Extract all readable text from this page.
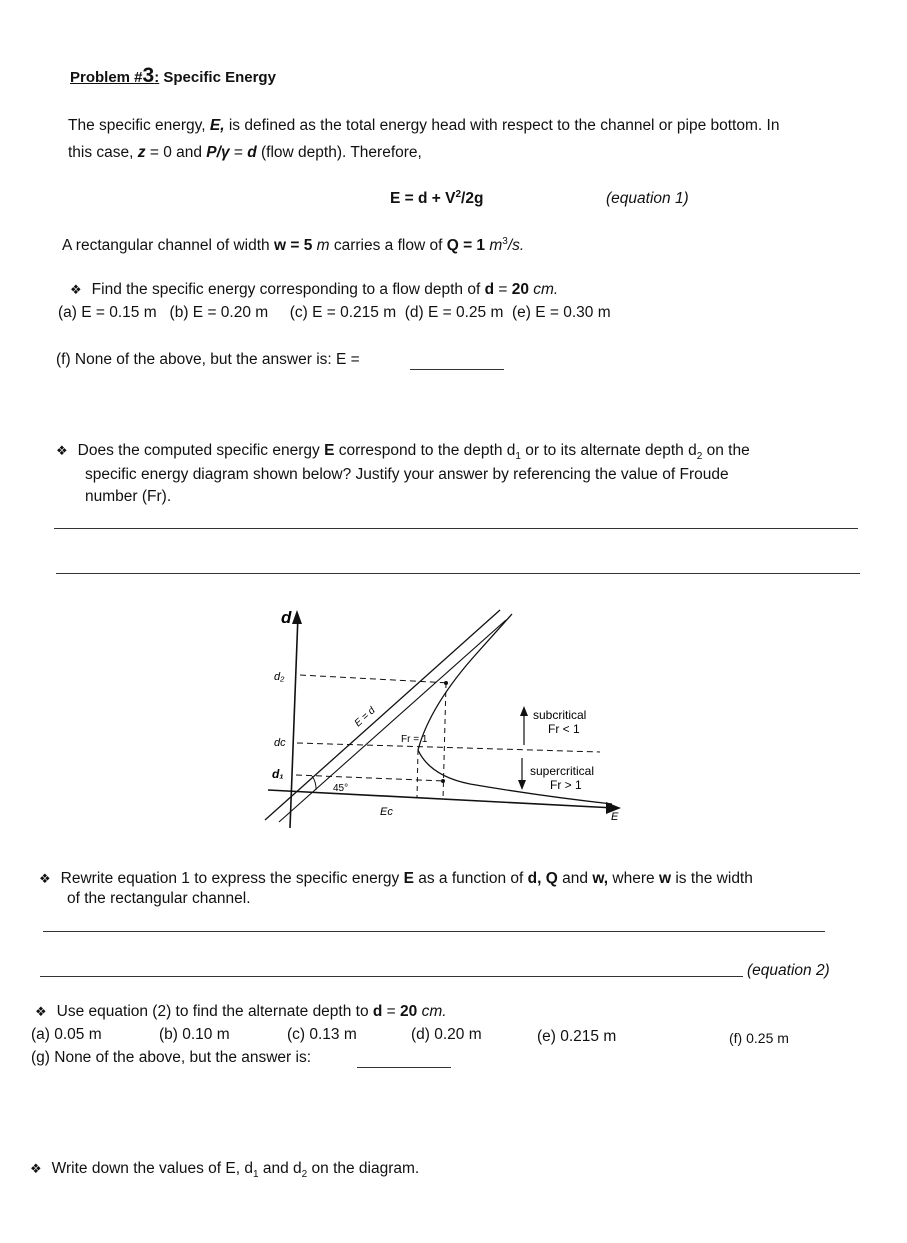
Problem #3: Specific Energy
The specific energy, E, is defined as the total energy head with respect to the channel or pipe bottom. In
this case, z = 0 and P/γ = d (flow depth). Therefore,
$E = d + V^2/2g$	(equation 1)
A rectangular channel of width w = 5 m carries a flow of Q = 1 $m^3/s$.
❖ Find the specific energy corresponding to a flow depth of d = 20 cm.
(a) E = 0.15 m   (b) E = 0.20 m     (c) E = 0.215 m  (d) E = 0.25 m  (e) E = 0.30 m
(f) None of the above, but the answer is: E =
❖ Does the computed specific energy E correspond to the depth $d_1$ or to its alternate depth $d_2$ on the
specific energy diagram shown below? Justify your answer by referencing the value of Froude
number (Fr).
d
d₂
dc
d₁
E = d
Fr = 1
45°
Ec	E
subcritical
Fr < 1
supercritical
Fr > 1
❖ Rewrite equation 1 to express the specific energy E as a function of d, Q and w, where w is the width
of the rectangular channel.
(equation 2)
❖ Use equation (2) to find the alternate depth to d = 20 cm.
(a) 0.05 m	(b) 0.10 m	(c) 0.13 m	(d) 0.20 m	(e) 0.215 m	(f) 0.25 m
(g) None of the above, but the answer is:
❖ Write down the values of E, $d_1$ and $d_2$ on the diagram.
